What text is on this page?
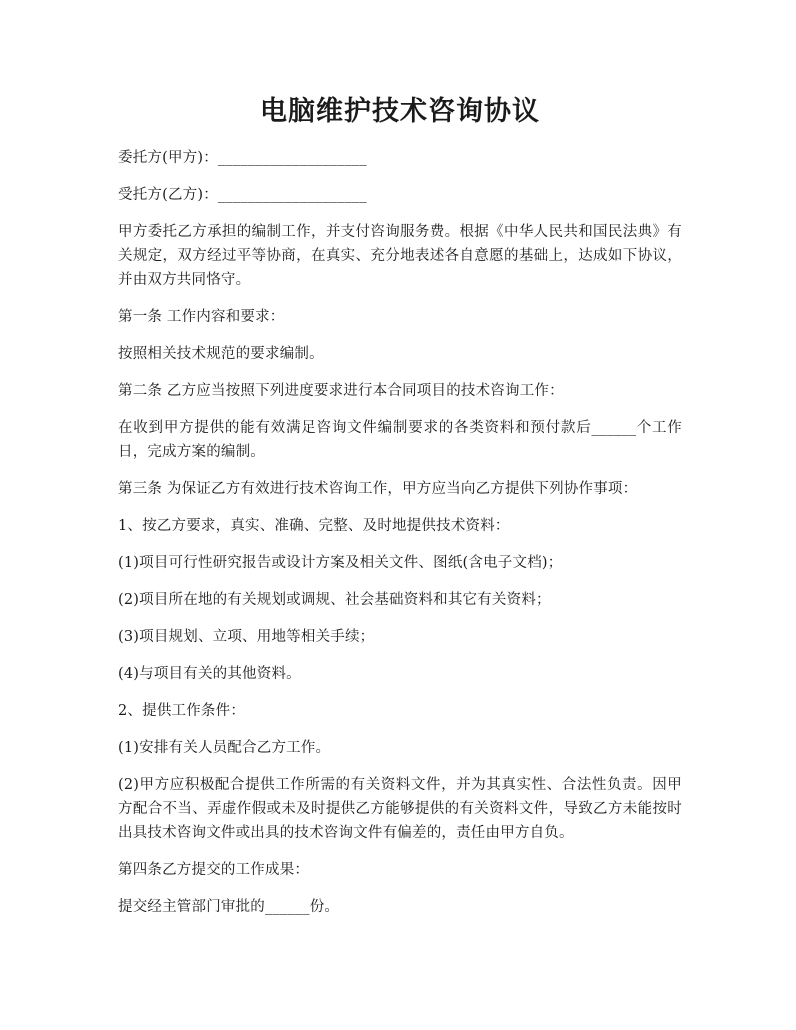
电脑维护技术咨询协议

委托方(甲方)：____________________

受托方(乙方)：____________________

甲方委托乙方承担的编制工作，并支付咨询服务费。根据《中华人民共和国民法典》有关规定，双方经过平等协商，在真实、充分地表述各自意愿的基础上，达成如下协议，并由双方共同恪守。

第一条 工作内容和要求：

按照相关技术规范的要求编制。

第二条 乙方应当按照下列进度要求进行本合同项目的技术咨询工作：

在收到甲方提供的能有效满足咨询文件编制要求的各类资料和预付款后______个工作日，完成方案的编制。

第三条 为保证乙方有效进行技术咨询工作，甲方应当向乙方提供下列协作事项：

1、按乙方要求，真实、准确、完整、及时地提供技术资料：

(1)项目可行性研究报告或设计方案及相关文件、图纸(含电子文档)；

(2)项目所在地的有关规划或调规、社会基础资料和其它有关资料；

(3)项目规划、立项、用地等相关手续；

(4)与项目有关的其他资料。

2、提供工作条件：

(1)安排有关人员配合乙方工作。

(2)甲方应积极配合提供工作所需的有关资料文件，并为其真实性、合法性负责。因甲方配合不当、弄虚作假或未及时提供乙方能够提供的有关资料文件，导致乙方未能按时出具技术咨询文件或出具的技术咨询文件有偏差的，责任由甲方自负。

第四条乙方提交的工作成果：

提交经主管部门审批的______份。
